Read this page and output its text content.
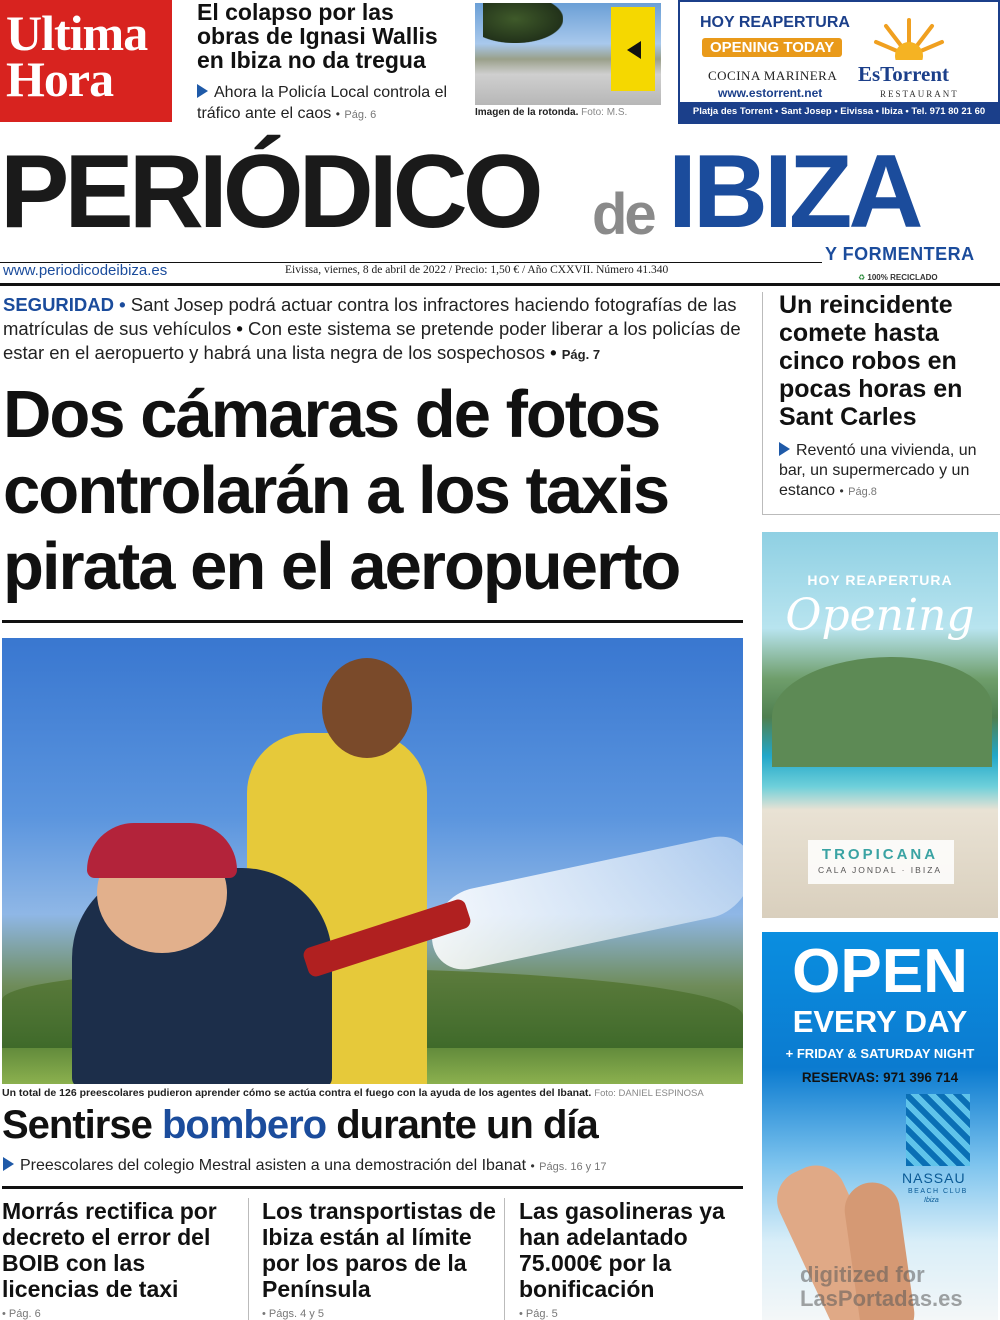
Ultima
Hora
El colapso por las obras de Ignasi Wallis en Ibiza no da tregua
Ahora la Policía Local controla el tráfico ante el caos • Pág. 6	Imagen de la rotonda. Foto: M.S.
HOY REAPERTURA
OPENING TODAY
COCINA MARINERA
www.estorrent.net
EsTorrent
RESTAURANT
Platja des Torrent • Sant Josep • Eivissa • Ibiza • Tel. 971 80 21 60
PERIÓDICO de IBIZA
Y FORMENTERA
www.periodicodeibiza.es	Eivissa, viernes, 8 de abril de 2022 / Precio: 1,50 € / Año CXXVII. Número 41.340
♻ 100% RECICLADO
SEGURIDAD • Sant Josep podrá actuar contra los infractores haciendo fotografías de las matrículas de sus vehículos • Con este sistema se pretende poder liberar a los policías de estar en el aeropuerto y habrá una lista negra de los sospechosos • Pág. 7
Dos cámaras de fotos controlarán a los taxis pirata en el aeropuerto
Un total de 126 preescolares pudieron aprender cómo se actúa contra el fuego con la ayuda de los agentes del Ibanat. Foto: DANIEL ESPINOSA
Sentirse bombero durante un día
Preescolares del colegio Mestral asisten a una demostración del Ibanat • Págs. 16 y 17
Morrás rectifica por decreto el error del BOIB con las licencias de taxi
• Pág. 6
Los transportistas de Ibiza están al límite por los paros de la Península
• Págs. 4 y 5
Las gasolineras ya han adelantado 75.000€ por la bonificación
• Pág. 5
Un reincidente comete hasta cinco robos en pocas horas en Sant Carles
Reventó una vivienda, un bar, un supermercado y un estanco • Pág.8
HOY REAPERTURA
Opening
TROPICANA
CALA JONDAL · IBIZA
OPEN
EVERY DAY
+ FRIDAY & SATURDAY NIGHT
RESERVAS: 971 396 714
NASSAU
BEACH CLUB
Ibiza
digitized for LasPortadas.es
